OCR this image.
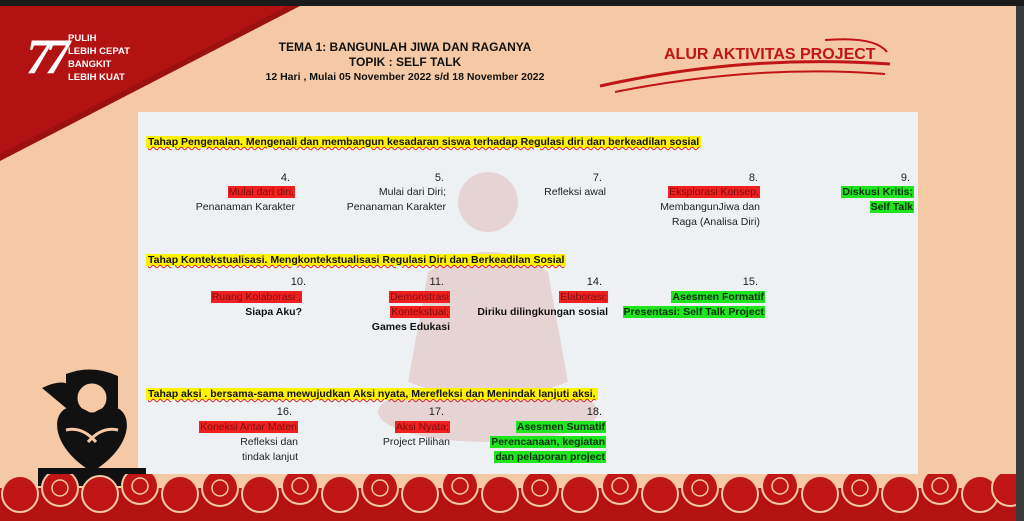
77 PULIH
LEBIH CEPAT
BANGKIT
LEBIH KUAT
TEMA 1: BANGUNLAH JIWA DAN RAGANYA
TOPIK : SELF TALK
12 Hari , Mulai 05 November 2022 s/d 18 November 2022
ALUR AKTIVITAS PROJECT
Tahap Pengenalan. Mengenali dan membangun kesadaran siswa terhadap Regulasi diri dan berkeadilan sosial
4.
Mulai dari diri,
Penanaman Karakter
5.
Mulai dari Diri;
Penanaman Karakter
7.
Refleksi awal
8.
Eksplorasi Konsep,
MembangunJiwa dan
Raga (Analisa Diri)
9.
Diskusi Kritis;
Self Talk
Tahap Kontekstualisasi. Mengkontekstualisasi Regulasi Diri dan Berkeadilan Sosial
10.
Ruang Kolaborasi ;
Siapa Aku?
11.
Demonstrasi
Kontekstual;
Games Edukasi
14.
Elaborasi;
Diriku dilingkungan sosial
15.
Asesmen Formatif
Presentasi: Self Talk Project
Tahap aksi . bersama-sama mewujudkan Aksi nyata, Merefleksi dan Menindak lanjuti aksi.
16.
Koneksi Antar Materi
Refleksi dan
tindak lanjut
17.
Aksi Nyata;
Project Pilihan
18.
Asesmen Sumatif
Perencanaan, kegiatan
dan pelaporan project
